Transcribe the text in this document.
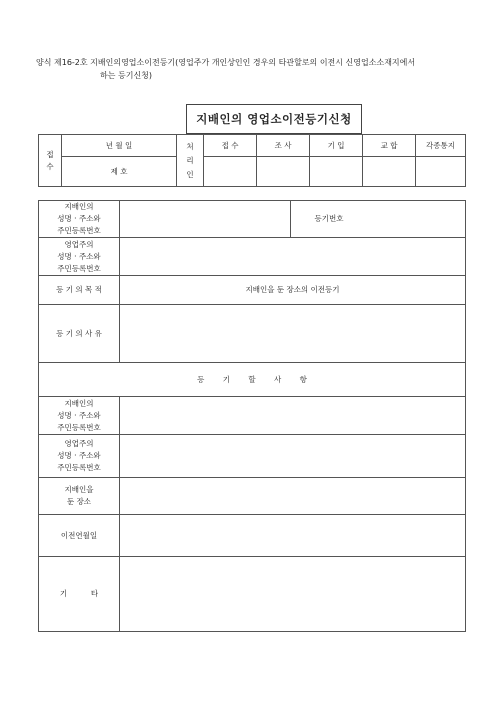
양식 제16-2호 지배인의영업소이전등기(영업주가 개인상인인 경우의 타관할로의 이전시 신영업소소재지에서
하는 등기신청)
지배인의 영업소이전등기신청
접 수	년 월 일	처 리 인	접 수	조 사	기 입	교 합	각종통지
	제 호						
지배인의
성명 · 주소와
주민등록번호		등기번호	

영업주의
성명 · 주소와
주민등록번호			

등 기 의 목 적	지배인을 둔 장소의 이전등기		
등 기 의 사 유			
등 기 할 사 항			

지배인의
성명 · 주소와
주민등록번호			

영업주의
성명 · 주소와
주민등록번호			

지배인을
둔 장소			

이전연월일			
기          타			
